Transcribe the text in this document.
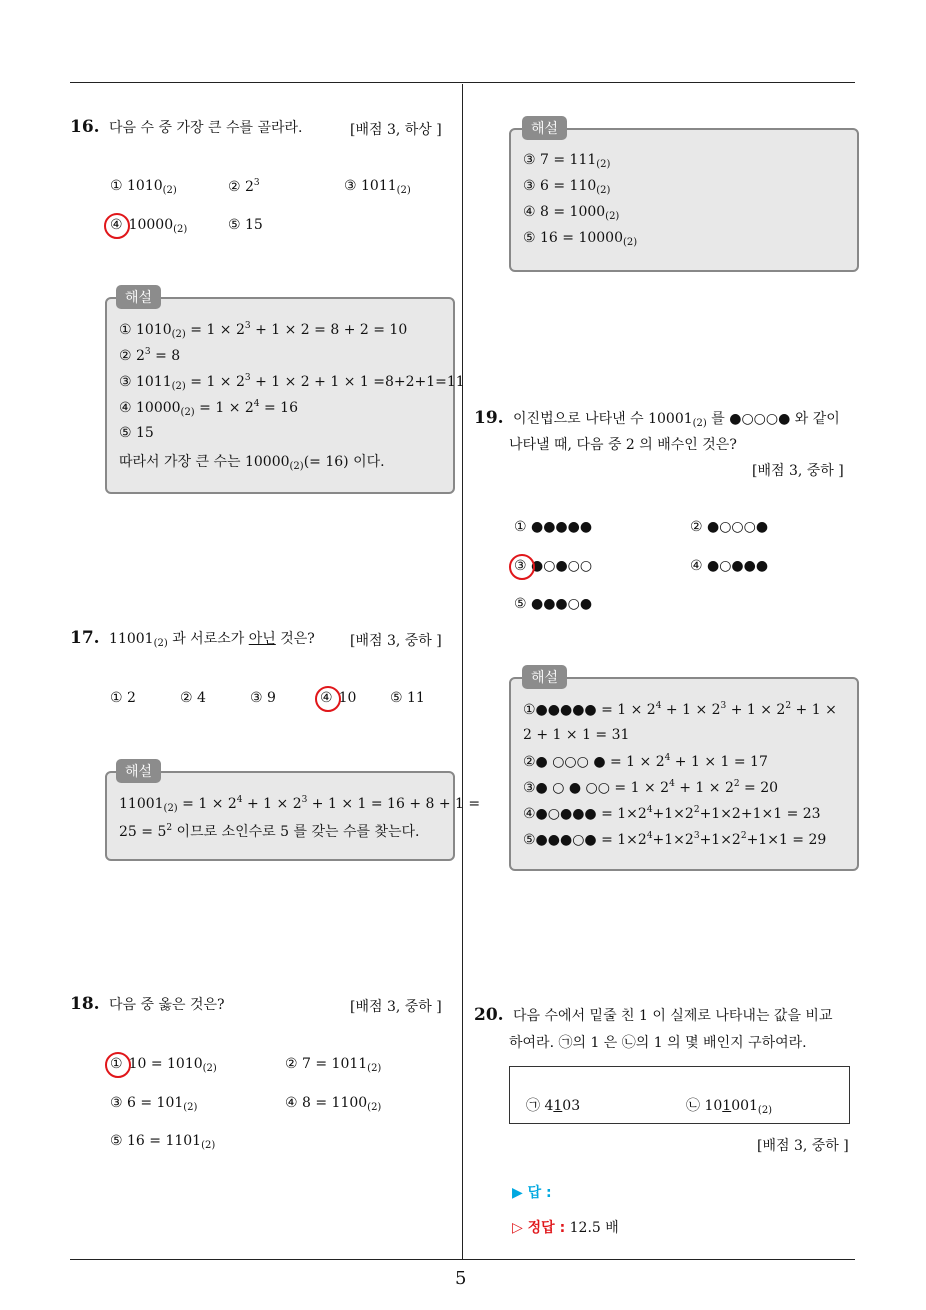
16. 다음 수 중 가장 큰 수를 골라라.	[배점 3, 하상 ]
① $1010_{(2)}$	② $2^3$	③ $1011_{(2)}$
④ $10000_{(2)}$	⑤ 15
① $1010_{(2)} = 1 \times 2^3 + 1 \times 2 = 8 + 2 = 10$
② $2^3 = 8$
③ $1011_{(2)} = 1 \times 2^3 + 1 \times 2 + 1 \times 1 =8+2+1=11$
④ $10000_{(2)} = 1 \times 2^4 = 16$
⑤ 15
따라서 가장 큰 수는 $10000_{(2)}(= 16)$ 이다.
해설
17. $11001_{(2)}$ 과 서로소가 아닌 것은?	[배점 3, 중하 ]
① 2	② 4	③ 9	④ 10 ⑤ 11
$11001_{(2)} = 1 \times 2^4 + 1 \times 2^3 + 1 \times 1 = 16 + 8 + 1$ =
$25 = 5^2$ 이므로 소인수로 5 를 갖는 수를 찾는다.
해설
18. 다음 중 옳은 것은?	[배점 3, 중하 ]
① $10 = 1010_{(2)}$	② $7 = 1011_{(2)}$
③ $6 = 101_{(2)}$	④ $8 = 1100_{(2)}$
⑤ $16 = 1101_{(2)}$
③ $7 = 111_{(2)}$
③ $6 = 110_{(2)}$
④ $8 = 1000_{(2)}$
⑤ $16 = 10000_{(2)}$
해설
19. 이진법으로 나타낸 수 $10001_{(2)}$ 를 ●○○○● 와 같이
나타낼 때, 다음 중 2 의 배수인 것은?
[배점 3, 중하 ]
① ●●●●●	② ●○○○●
③ ●○●○○	④ ●○●●●
⑤ ●●●○●
①●●●●● = $1 \times 2^4 + 1 \times 2^3 + 1 \times 2^2 + 1$ ×
2 + 1 × 1 = 31
②● ○○○ ● = $1 \times 2^4 + 1 \times 1 = 17$
③● ○ ● ○○ = $1 \times 2^4 + 1 \times 2^2 = 20$
④●○●●● = $1\times 2^4+1\times 2^2+1\times 2+1\times 1 = 23$
⑤●●●○● = $1\times 2^4+1\times 2^3+1\times 2^2+1\times 1 = 29$
해설
20. 다음 수에서 밑줄 친 1 이 실제로 나타내는 값을 비교
하여라. ㉠의 1 은 ㉡의 1 의 몇 배인지 구하여라.
㉠ 4103	㉡ $101001_{(2)}$
[배점 3, 중하 ]
▶ 답 :
▷ 정답 : 12.5 배
5
